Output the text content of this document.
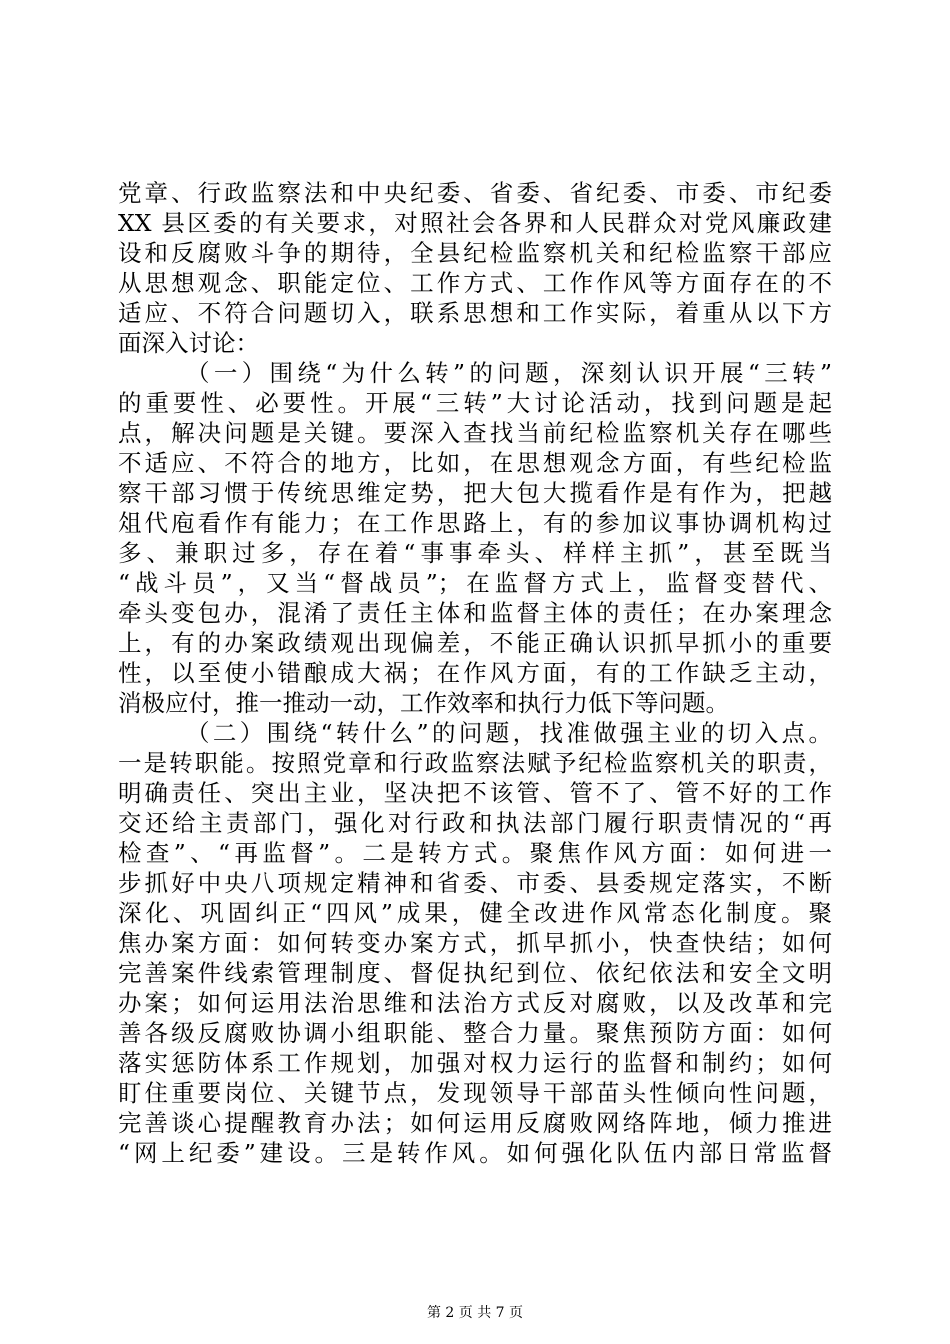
党章、行政监察法和中央纪委、省委、省纪委、市委、市纪委
XX 县区委的有关要求，对照社会各界和人民群众对党风廉政建
设和反腐败斗争的期待，全县纪检监察机关和纪检监察干部应
从思想观念、职能定位、工作方式、工作作风等方面存在的不
适应、不符合问题切入，联系思想和工作实际，着重从以下方
面深入讨论：
（一）围绕“为什么转”的问题，深刻认识开展“三转”
的重要性、必要性。开展“三转”大讨论活动，找到问题是起
点，解决问题是关键。要深入查找当前纪检监察机关存在哪些
不适应、不符合的地方，比如，在思想观念方面，有些纪检监
察干部习惯于传统思维定势，把大包大揽看作是有作为，把越
俎代庖看作有能力；在工作思路上，有的参加议事协调机构过
多、兼职过多，存在着“事事牵头、样样主抓”，甚至既当
“战斗员”，又当“督战员”；在监督方式上，监督变替代、
牵头变包办，混淆了责任主体和监督主体的责任；在办案理念
上，有的办案政绩观出现偏差，不能正确认识抓早抓小的重要
性，以至使小错酿成大祸；在作风方面，有的工作缺乏主动，
消极应付，推一推动一动，工作效率和执行力低下等问题。
（二）围绕“转什么”的问题，找准做强主业的切入点。
一是转职能。按照党章和行政监察法赋予纪检监察机关的职责，
明确责任、突出主业，坚决把不该管、管不了、管不好的工作
交还给主责部门，强化对行政和执法部门履行职责情况的“再
检查”、“再监督”。二是转方式。聚焦作风方面：如何进一
步抓好中央八项规定精神和省委、市委、县委规定落实，不断
深化、巩固纠正“四风”成果，健全改进作风常态化制度。聚
焦办案方面：如何转变办案方式，抓早抓小，快查快结；如何
完善案件线索管理制度、督促执纪到位、依纪依法和安全文明
办案；如何运用法治思维和法治方式反对腐败，以及改革和完
善各级反腐败协调小组职能、整合力量。聚焦预防方面：如何
落实惩防体系工作规划，加强对权力运行的监督和制约；如何
盯住重要岗位、关键节点，发现领导干部苗头性倾向性问题，
完善谈心提醒教育办法；如何运用反腐败网络阵地，倾力推进
“网上纪委”建设。三是转作风。如何强化队伍内部日常监督
第 2 页 共 7 页
